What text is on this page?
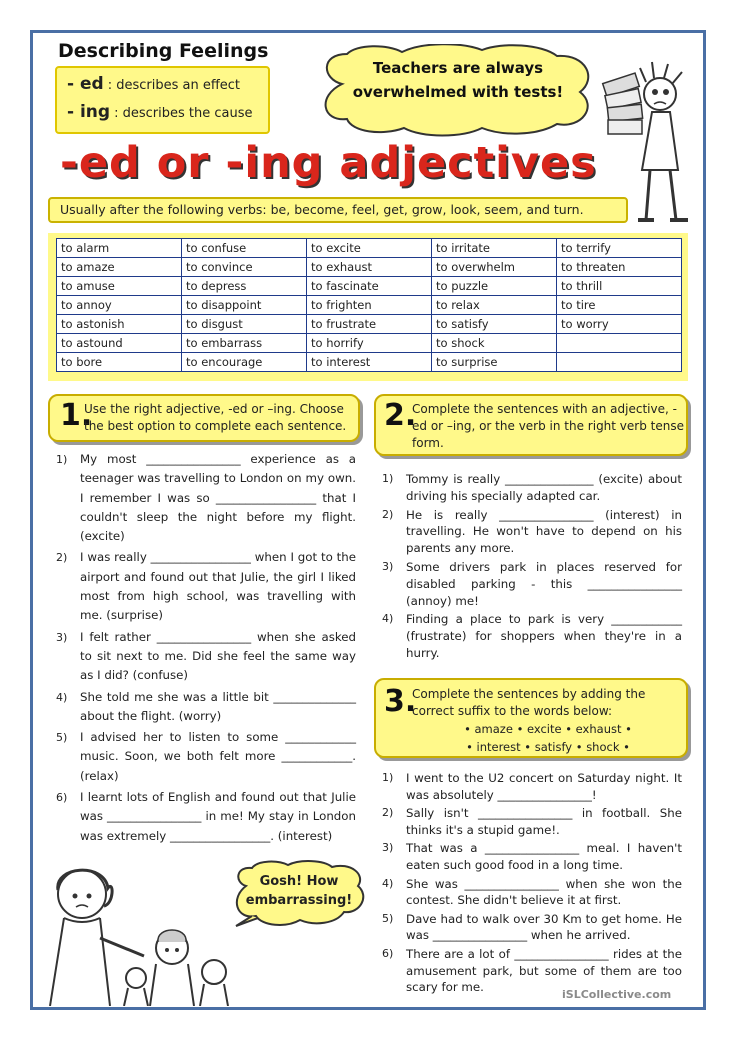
Describing Feelings
- ed : describes an effect
- ing : describes the cause
Teachers are always
overwhelmed with tests!
-ed or -ing adjectives
Usually after the following verbs: be, become, feel, get, grow, look, seem, and turn.
to alarm	to confuse	to excite	to irritate	to terrify
to amaze	to convince	to exhaust	to overwhelm	to threaten
to amuse	to depress	to fascinate	to puzzle	to thrill
to annoy	to disappoint	to frighten	to relax	to tire
to astonish	to disgust	to frustrate	to satisfy	to worry
to astound	to embarrass	to horrify	to shock	
to bore	to encourage	to interest	to surprise	
1.
Use the right adjective, -ed or –ing. Choose the best option to complete each sentence.
1)	My most ________________ experience as a teenager was travelling to London on my own. I remember I was so _________________ that I couldn't sleep the night before my flight. (excite)
2)	I was really _________________ when I got to the airport and found out that Julie, the girl I liked most from high school, was travelling with me. (surprise)
3)	I felt rather ________________ when she asked to sit next to me. Did she feel the same way as I did? (confuse)
4)	She told me she was a little bit ______________ about the flight. (worry)
5)	I advised her to listen to some ____________ music. Soon, we both felt more ____________. (relax)
6)	I learnt lots of English and found out that Julie was ________________ in me! My stay in London was extremely _________________. (interest)
2.
Complete the sentences with an adjective, -ed or –ing, or the verb in the right verb tense form.
1)	Tommy is really _______________ (excite) about driving his specially adapted car.
2)	He is really ________________ (interest) in travelling. He won't have to depend on his parents any more.
3)	Some drivers park in places reserved for disabled parking - this ________________ (annoy) me!
4)	Finding a place to park is very ____________ (frustrate) for shoppers when they're in a hurry.
3.
Complete the sentences by adding the correct suffix to the words below:
• amaze • excite • exhaust •
• interest • satisfy • shock •
1)	I went to the U2 concert on Saturday night. It was absolutely ________________!
2)	Sally isn't ________________ in football. She thinks it's a stupid game!.
3)	That was a ________________ meal. I haven't eaten such good food in a long time.
4)	She was ________________ when she won the contest. She didn't believe it at first.
5)	Dave had to walk over 30 Km to get home. He was ________________ when he arrived.
6)	There are a lot of ________________ rides at the amusement park, but some of them are too scary for me.
Gosh! How
embarrassing!
iSLCollective.com
